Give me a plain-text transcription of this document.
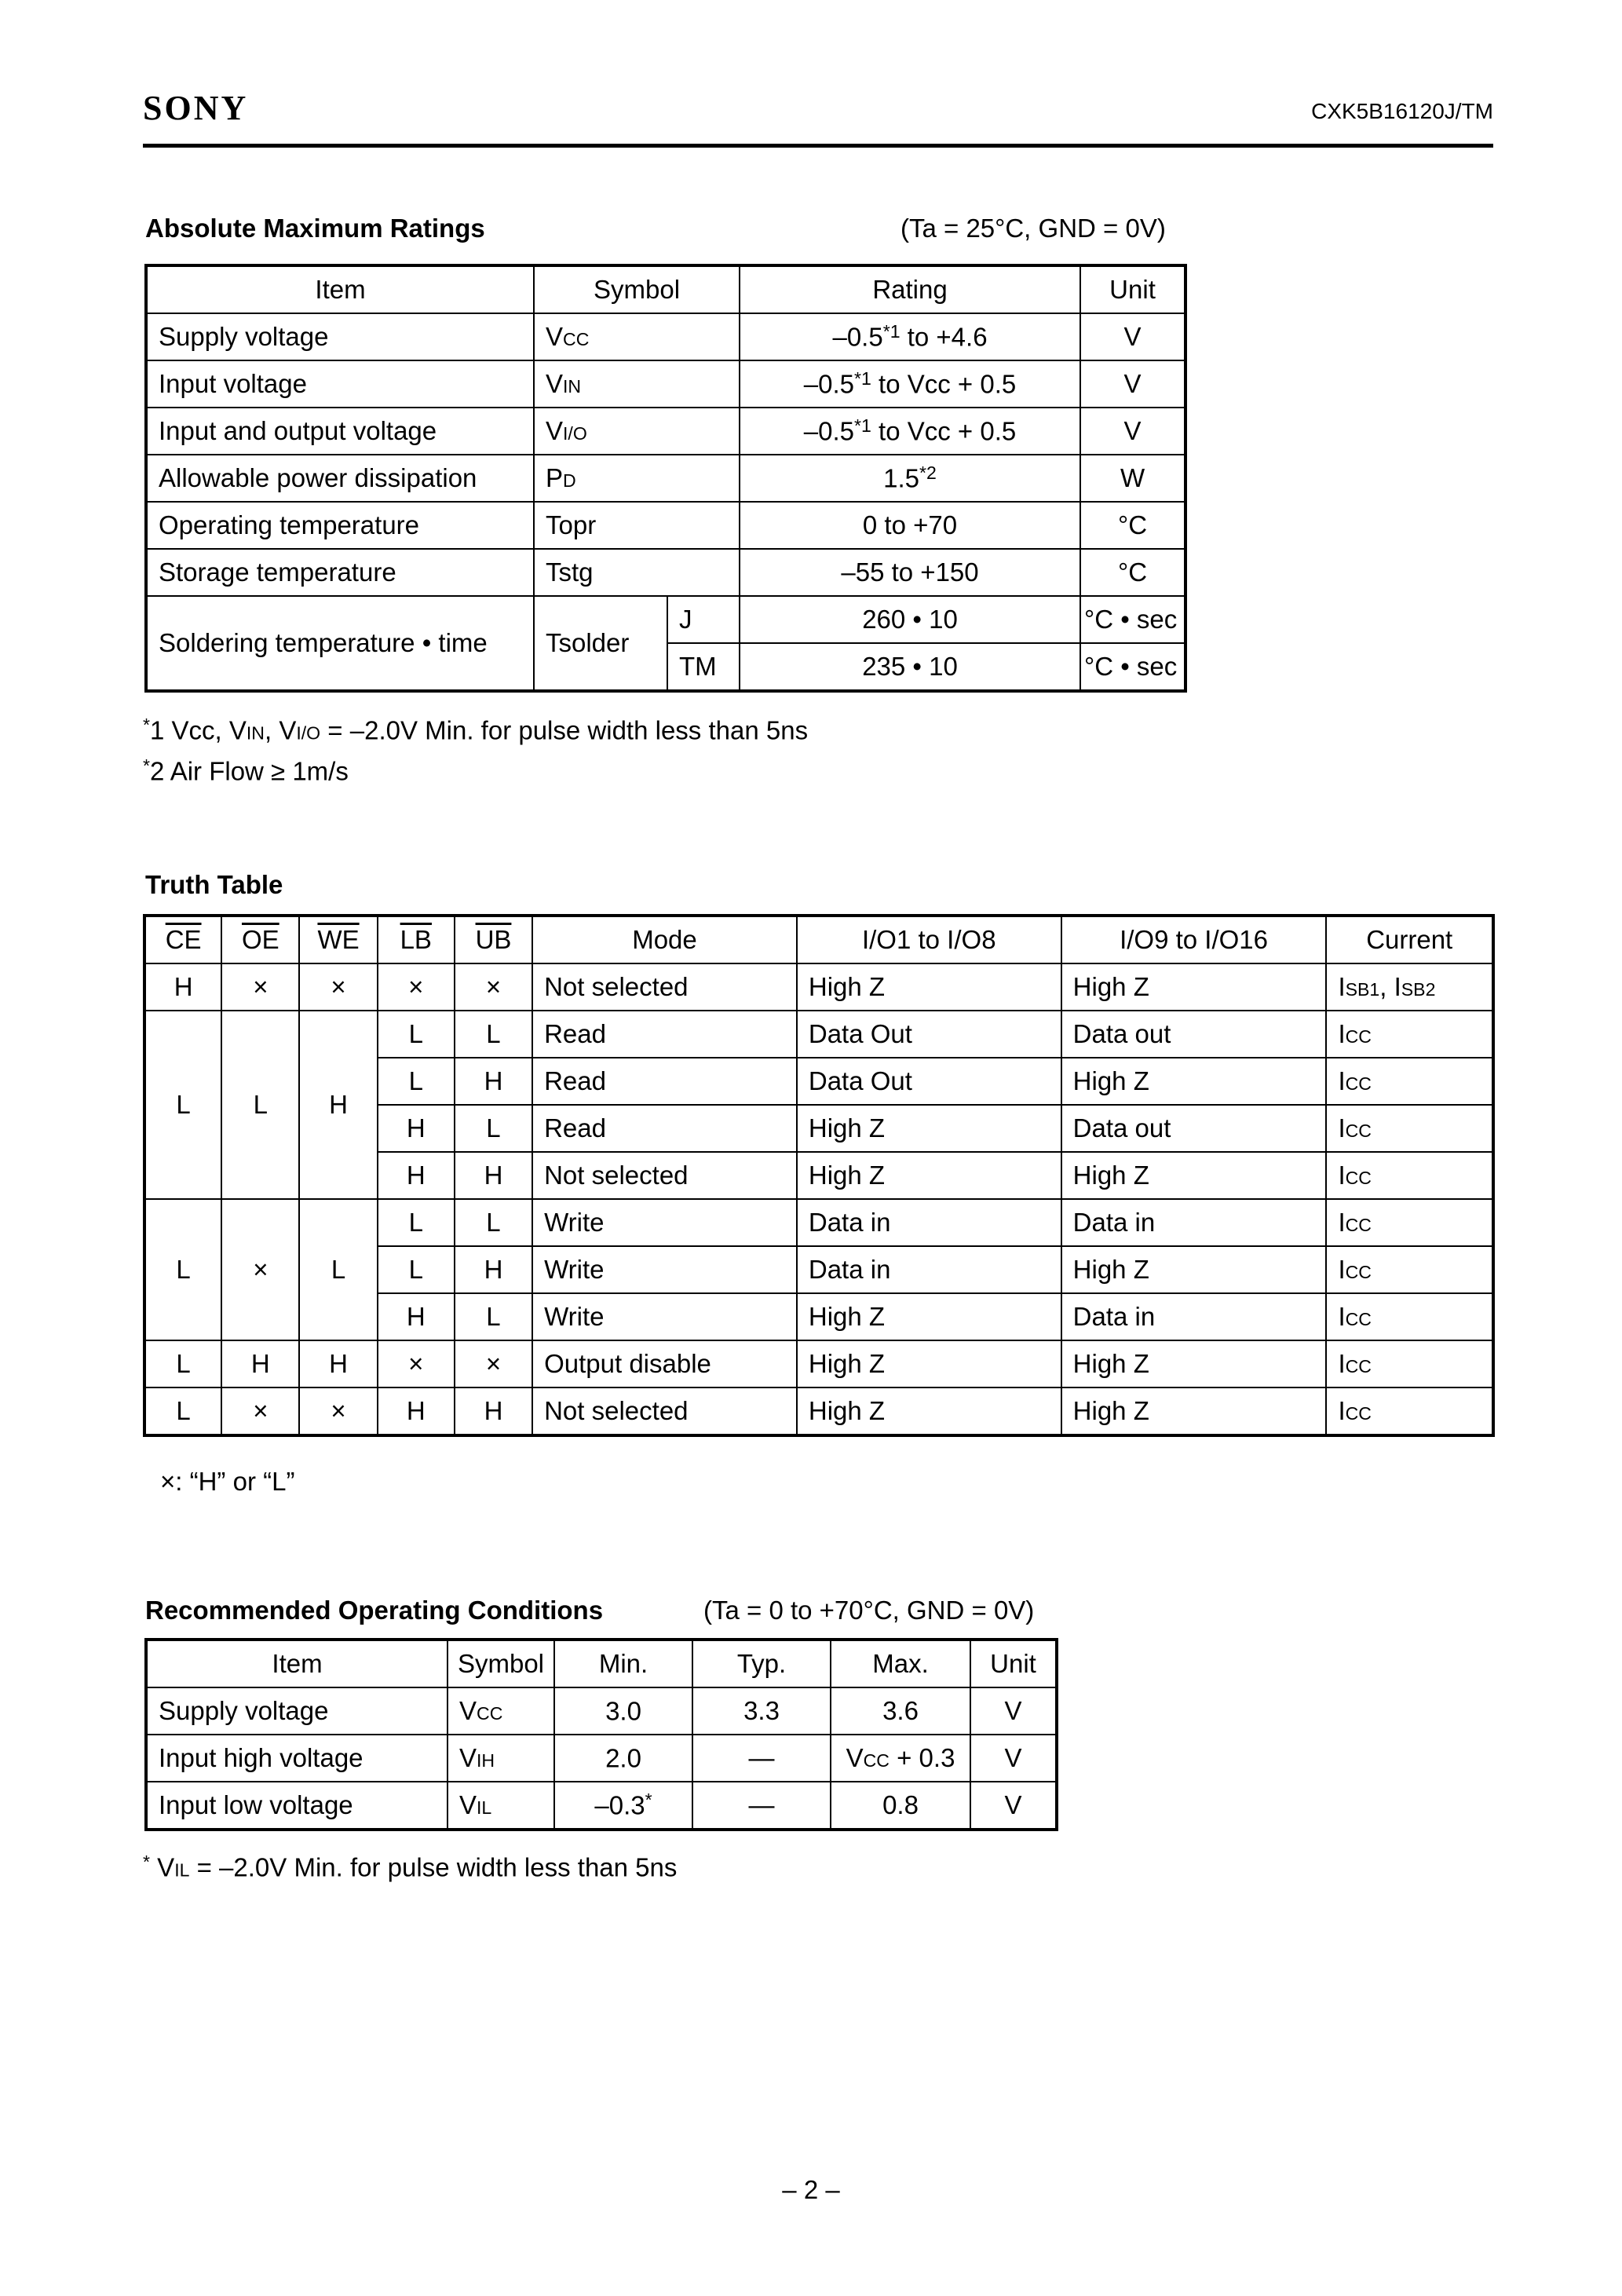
SONY	CXK5B16120J/TM
Absolute Maximum Ratings	(Ta = 25°C, GND = 0V)
Item	Symbol		Rating	Unit
Supply voltage	VCC		–0.5$^{*1}$ to +4.6	V
Input voltage	VIN		–0.5$^{*1}$ to Vcc + 0.5	V
Input and output voltage	VI/O		–0.5$^{*1}$ to Vcc + 0.5	V
Allowable power dissipation	PD		1.5$^{*2}$	W
Operating temperature	Topr		0 to +70	°C
Storage temperature	Tstg		–55 to +150	°C
Soldering temperature • time	Tsolder	J	260 • 10	°C • sec
		TM	235 • 10	°C • sec
*1 Vcc, VIN, VI/O = –2.0V Min. for pulse width less than 5ns
*2 Air Flow ≥ 1m/s
Truth Table
$\overline{CE}$	$\overline{OE}$	$\overline{WE}$	$\overline{LB}$	$\overline{UB}$	Mode	I/O1 to I/O8	I/O9 to I/O16	Current
H	×	×	×	×	Not selected	High Z	High Z	ISB1, ISB2
L	L	H	L	L	Read	Data Out	Data out	ICC
			L	H	Read	Data Out	High Z	ICC
			H	L	Read	High Z	Data out	ICC
			H	H	Not selected	High Z	High Z	ICC
L	×	L	L	L	Write	Data in	Data in	ICC
			L	H	Write	Data in	High Z	ICC
			H	L	Write	High Z	Data in	ICC
L	H	H	×	×	Output disable	High Z	High Z	ICC
L	×	×	H	H	Not selected	High Z	High Z	ICC
×: “H” or “L”
Recommended Operating Conditions	(Ta = 0 to +70°C, GND = 0V)
Item	Symbol	Min.	Typ.	Max.	Unit
Supply voltage	VCC	3.0	3.3	3.6	V
Input high voltage	VIH	2.0	—	VCC + 0.3	V
Input low voltage	VIL	–0.3*	—	0.8	V
* VIL = –2.0V Min. for pulse width less than 5ns
– 2 –
